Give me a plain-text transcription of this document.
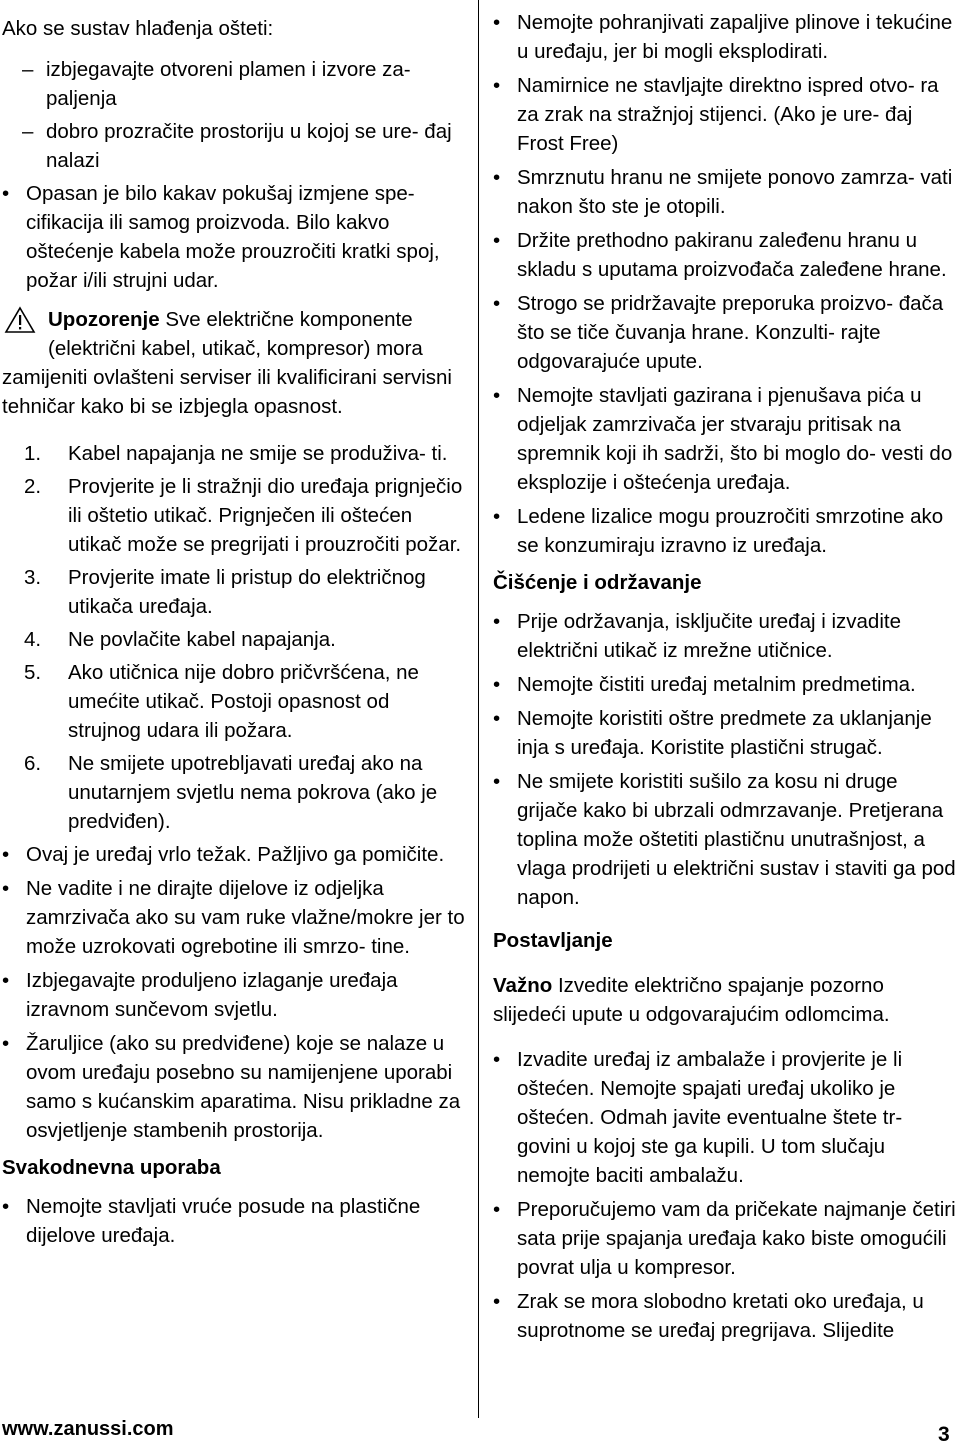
Ako se sustav hlađenja ošteti:

– izbjegavajte otvoreni plamen i izvore za- paljenja

– dobro prozračite prostoriju u kojoj se ure- đaj nalazi

• Opasan je bilo kakav pokušaj izmjene spe- cifikacija ili samog proizvoda. Bilo kakvo oštećenje kabela može prouzročiti kratki spoj, požar i/ili strujni udar.

Upozorenje Sve električne komponente

(električni kabel, utikač, kompresor) mora zamijeniti ovlašteni serviser ili kvalificirani servisni tehničar kako bi se izbjegla opasnost.

1. Kabel napajanja ne smije se produživa- ti.

2. Provjerite je li stražnji dio uređaja prignječio ili oštetio utikač. Prignječen ili oštećen utikač može se pregrijati i prouzročiti požar.

3. Provjerite imate li pristup do električnog utikača uređaja.

4. Ne povlačite kabel napajanja.

5. Ako utičnica nije dobro pričvršćena, ne umećite utikač. Postoji opasnost od strujnog udara ili požara.

6. Ne smijete upotrebljavati uređaj ako na unutarnjem svjetlu nema pokrova (ako je predviđen).

• Ovaj je uređaj vrlo težak. Pažljivo ga pomičite.

• Ne vadite i ne dirajte dijelove iz odjeljka zamrzivača ako su vam ruke vlažne/mokre jer to može uzrokovati ogrebotine ili smrzo- tine.

• Izbjegavajte produljeno izlaganje uređaja izravnom sunčevom svjetlu.

• Žaruljice (ako su predviđene) koje se nalaze u ovom uređaju posebno su namijenjene uporabi samo s kućanskim aparatima. Nisu prikladne za osvjetljenje stambenih prostorija.

Svakodnevna uporaba

• Nemojte stavljati vruće posude na plastične dijelove uređaja.

• Nemojte pohranjivati zapaljive plinove i tekućine u uređaju, jer bi mogli eksplodirati.

• Namirnice ne stavljajte direktno ispred otvo- ra za zrak na stražnjoj stijenci. (Ako je ure- đaj Frost Free)

• Smrznutu hranu ne smijete ponovo zamrza- vati nakon što ste je otopili.

• Držite prethodno pakiranu zaleđenu hranu u skladu s uputama proizvođača zaleđene hrane.

• Strogo se pridržavajte preporuka proizvo- đača što se tiče čuvanja hrane. Konzulti- rajte odgovarajuće upute.

• Nemojte stavljati gazirana i pjenušava pića u odjeljak zamrzivača jer stvaraju pritisak na spremnik koji ih sadrži, što bi moglo do- vesti do eksplozije i oštećenja uređaja.

• Ledene lizalice mogu prouzročiti smrzotine ako se konzumiraju izravno iz uređaja.

Čišćenje i održavanje

• Prije održavanja, isključite uređaj i izvadite električni utikač iz mrežne utičnice.

• Nemojte čistiti uređaj metalnim predmetima.

• Nemojte koristiti oštre predmete za uklanjanje inja s uređaja. Koristite plastični strugač.

• Ne smijete koristiti sušilo za kosu ni druge grijače kako bi ubrzali odmrzavanje. Pretjerana toplina može oštetiti plastičnu unutrašnjost, a vlaga prodrijeti u električni sustav i staviti ga pod napon.

Postavljanje

Važno Izvedite električno spajanje pozorno slijedeći upute u odgovarajućim odlomcima.

• Izvadite uređaj iz ambalaže i provjerite je li oštećen. Nemojte spajati uređaj ukoliko je oštećen. Odmah javite eventualne štete tr- govini u kojoj ste ga kupili. U tom slučaju nemojte baciti ambalažu.

• Preporučujemo vam da pričekate najmanje četiri sata prije spajanja uređaja kako biste omogućili povrat ulja u kompresor.

• Zrak se mora slobodno kretati oko uređaja, u suprotnome se uređaj pregrijava. Slijedite

www.zanussi.com	3
